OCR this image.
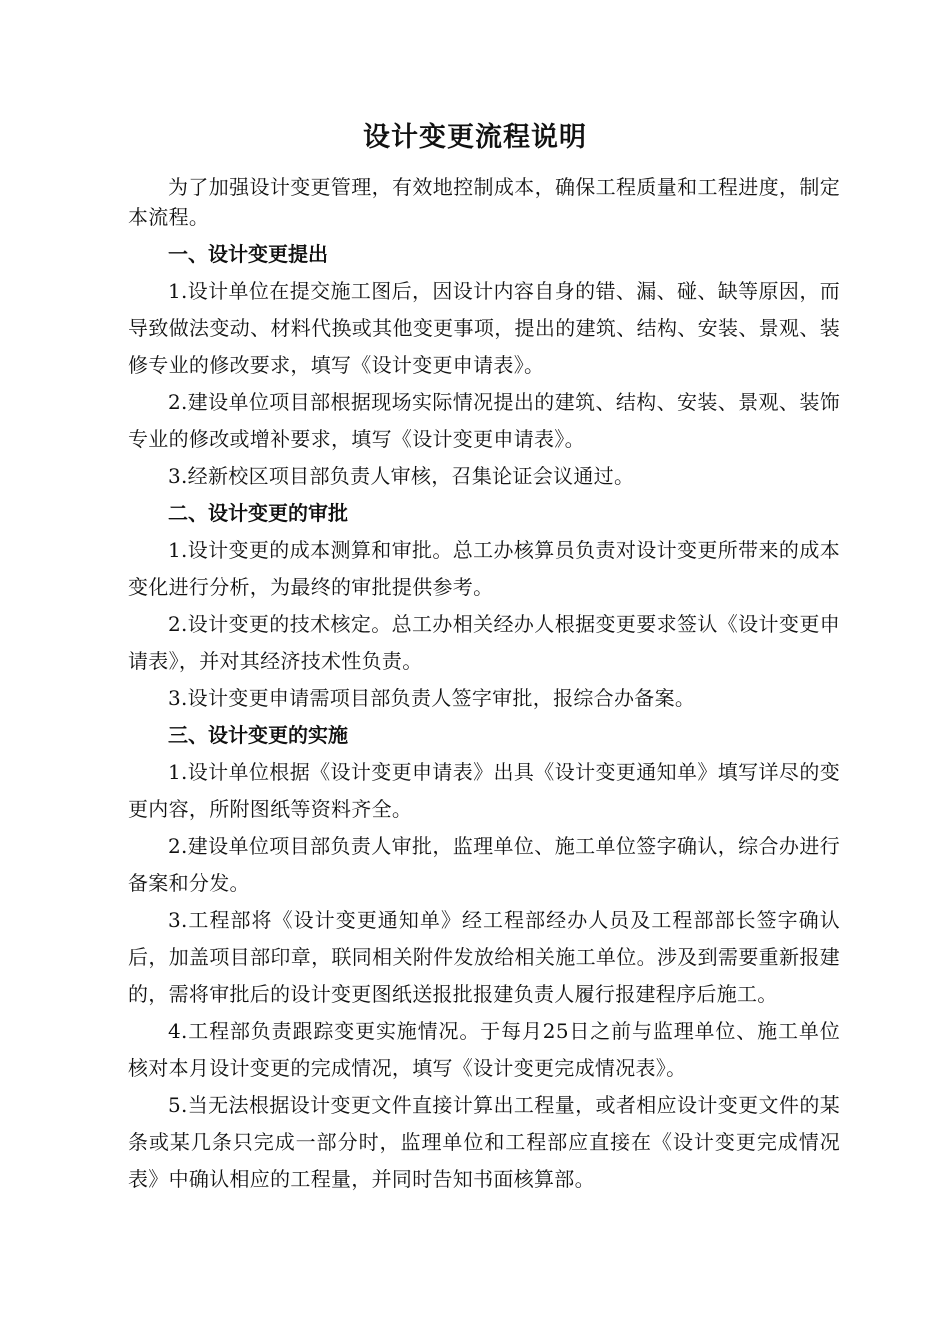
设计变更流程说明

为了加强设计变更管理，有效地控制成本，确保工程质量和工程进度，制定本流程。

一、设计变更提出

1.设计单位在提交施工图后，因设计内容自身的错、漏、碰、缺等原因，而导致做法变动、材料代换或其他变更事项，提出的建筑、结构、安装、景观、装修专业的修改要求，填写《设计变更申请表》。

2.建设单位项目部根据现场实际情况提出的建筑、结构、安装、景观、装饰专业的修改或增补要求，填写《设计变更申请表》。

3.经新校区项目部负责人审核，召集论证会议通过。

二、设计变更的审批

1.设计变更的成本测算和审批。总工办核算员负责对设计变更所带来的成本变化进行分析，为最终的审批提供参考。

2.设计变更的技术核定。总工办相关经办人根据变更要求签认《设计变更申请表》，并对其经济技术性负责。

3.设计变更申请需项目部负责人签字审批，报综合办备案。

三、设计变更的实施

1.设计单位根据《设计变更申请表》出具《设计变更通知单》填写详尽的变更内容，所附图纸等资料齐全。

2.建设单位项目部负责人审批，监理单位、施工单位签字确认，综合办进行备案和分发。

3.工程部将《设计变更通知单》经工程部经办人员及工程部部长签字确认后，加盖项目部印章，联同相关附件发放给相关施工单位。涉及到需要重新报建的，需将审批后的设计变更图纸送报批报建负责人履行报建程序后施工。

4.工程部负责跟踪变更实施情况。于每月25日之前与监理单位、施工单位核对本月设计变更的完成情况，填写《设计变更完成情况表》。

5.当无法根据设计变更文件直接计算出工程量，或者相应设计变更文件的某条或某几条只完成一部分时，监理单位和工程部应直接在《设计变更完成情况表》中确认相应的工程量，并同时告知书面核算部。
